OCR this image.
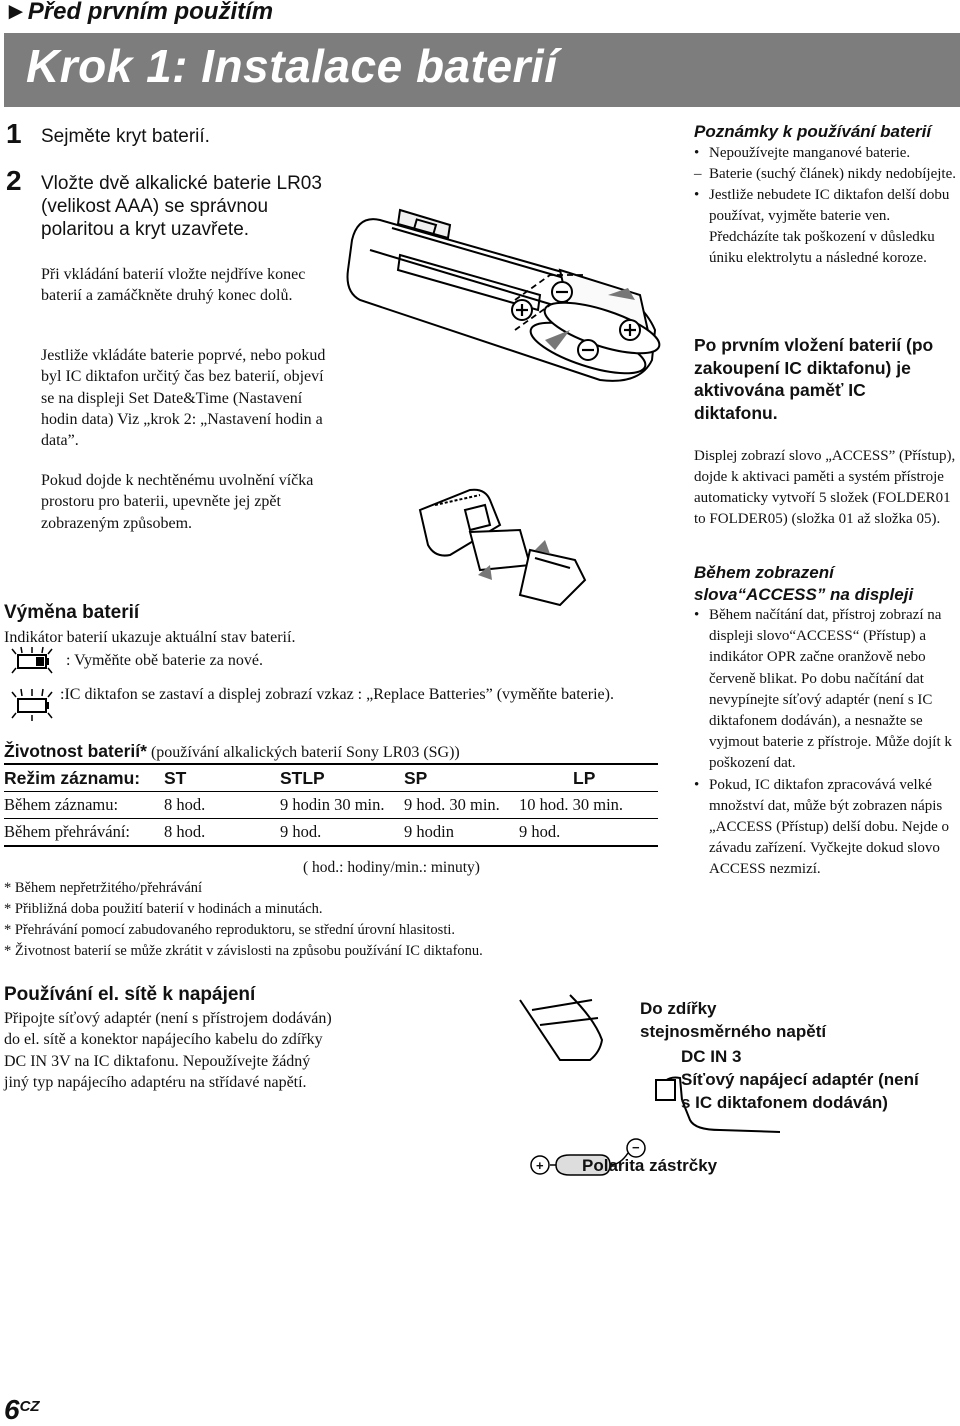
►Před prvním použitím
Krok 1: Instalace baterií
1 Sejměte kryt baterií.
2 Vložte dvě alkalické baterie LR03 (velikost AAA) se správnou polaritou a kryt uzavřete.
Při vkládání baterií vložte nejdříve konec baterií a zamáčkněte druhý konec dolů.
Jestliže vkládáte baterie poprvé, nebo pokud byl IC diktafon určitý čas bez baterií, objeví se na displeji Set Date&Time (Nastavení hodin data) Viz „krok 2: „Nastavení hodin a data”.
Pokud dojde k nechtěnému uvolnění víčka prostoru pro baterii, upevněte jej zpět zobrazeným způsobem.
Výměna baterií
Indikátor baterií ukazuje aktuální stav baterií.
: Vyměňte obě baterie za nové.
:IC diktafon se zastaví a displej zobrazí vzkaz : „Replace Batteries” (vyměňte baterie).
Životnost baterií* (používání alkalických baterií Sony LR03 (SG))
Režim záznamu:	ST	STLP	SP	LP
Během záznamu:	8 hod.	9 hodin 30 min.	9 hod. 30 min.	10 hod. 30 min.
Během přehrávání:	8 hod.	9 hod.	9 hodin	9 hod.
( hod.: hodiny/min.: minuty)
* Během nepřetržitého/přehrávání
* Přibližná doba použití baterií v hodinách a minutách.
* Přehrávání pomocí zabudovaného reproduktoru, se střední úrovní hlasitosti.
* Životnost baterií se může zkrátit v závislosti na způsobu používání IC diktafonu.
Používání el. sítě k napájení
Připojte síťový adaptér (není s přístrojem dodáván) do el. sítě a konektor napájecího kabelu do zdířky DC IN 3V na IC diktafonu. Nepoužívejte žádný jiný typ napájecího adaptéru na střídavé napětí.
+
−
Do zdířky
stejnosměrného napětí
DC IN 3
Síťový napájecí adaptér (není
s IC diktafonem dodáván)
Polarita zástrčky
Poznámky k používání baterií
• Nepoužívejte manganové baterie.
– Baterie (suchý článek) nikdy nedobíjejte.
• Jestliže nebudete IC diktafon delší dobu používat, vyjměte baterie ven. Předcházíte tak poškození v důsledku úniku elektrolytu a následné koroze.
Po prvním vložení baterií (po zakoupení IC diktafonu) je aktivována paměť IC diktafonu.
Displej zobrazí slovo „ACCESS” (Přístup), dojde k aktivaci paměti a systém přístroje automaticky vytvoří 5 složek (FOLDER01 to FOLDER05) (složka 01 až složka 05).
Během zobrazení slova“ACCESS” na displeji
• Během načítání dat, přístroj zobrazí na displeji slovo“ACCESS“ (Přístup) a indikátor OPR začne oranžově nebo červeně blikat. Po dobu načítání dat nevypínejte síťový adaptér (není s IC diktafonem dodáván), a nesnažte se vyjmout baterie z přístroje. Může dojít k poškození dat.
• Pokud, IC diktafon zpracovává velké množství dat, může být zobrazen nápis „ACCESS (Přístup) delší dobu. Nejde o závadu zařízení. Vyčkejte dokud slovo ACCESS nezmizí.
$6^{CZ}$
